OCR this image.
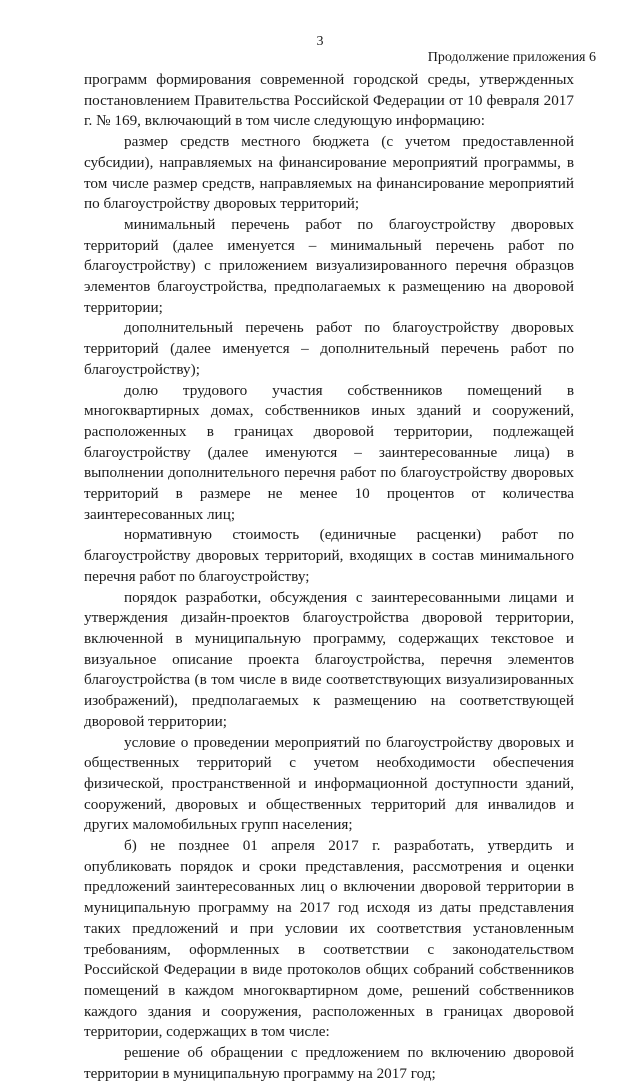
3
Продолжение приложения 6

программ формирования современной городской среды, утвержденных постановлением Правительства Российской Федерации от 10 февраля 2017 г. № 169, включающий в том числе следующую информацию:

размер средств местного бюджета (с учетом предоставленной субсидии), направляемых на финансирование мероприятий программы, в том числе размер средств, направляемых на финансирование мероприятий по благоустройству дворовых территорий;

минимальный перечень работ по благоустройству дворовых территорий (далее именуется – минимальный перечень работ по благоустройству) с приложением визуализированного перечня образцов элементов благоустройства, предполагаемых к размещению на дворовой территории;

дополнительный перечень работ по благоустройству дворовых территорий (далее именуется – дополнительный перечень работ по благоустройству);

долю трудового участия собственников помещений в многоквартирных домах, собственников иных зданий и сооружений, расположенных в границах дворовой территории, подлежащей благоустройству (далее именуются – заинтересованные лица) в выполнении дополнительного перечня работ по благоустройству дворовых территорий в размере не менее 10 процентов от количества заинтересованных лиц;

нормативную стоимость (единичные расценки) работ по благоустройству дворовых территорий, входящих в состав минимального перечня работ по благоустройству;

порядок разработки, обсуждения с заинтересованными лицами и утверждения дизайн-проектов благоустройства дворовой территории, включенной в муниципальную программу, содержащих текстовое и визуальное описание проекта благоустройства, перечня элементов благоустройства (в том числе в виде соответствующих визуализированных изображений), предполагаемых к размещению на соответствующей дворовой территории;

условие о проведении мероприятий по благоустройству дворовых и общественных территорий с учетом необходимости обеспечения физической, пространственной и информационной доступности зданий, сооружений, дворовых и общественных территорий для инвалидов и других маломобильных групп населения;

б) не позднее 01 апреля 2017 г. разработать, утвердить и опубликовать порядок и сроки представления, рассмотрения и оценки предложений заинтересованных лиц о включении дворовой территории в муниципальную программу на 2017 год исходя из даты представления таких предложений и при условии их соответствия установленным требованиям, оформленных в соответствии с законодательством Российской Федерации в виде протоколов общих собраний собственников помещений в каждом многоквартирном доме, решений собственников каждого здания и сооружения, расположенных в границах дворовой территории, содержащих в том числе:

решение об обращении с предложением по включению дворовой территории в муниципальную программу на 2017 год;
